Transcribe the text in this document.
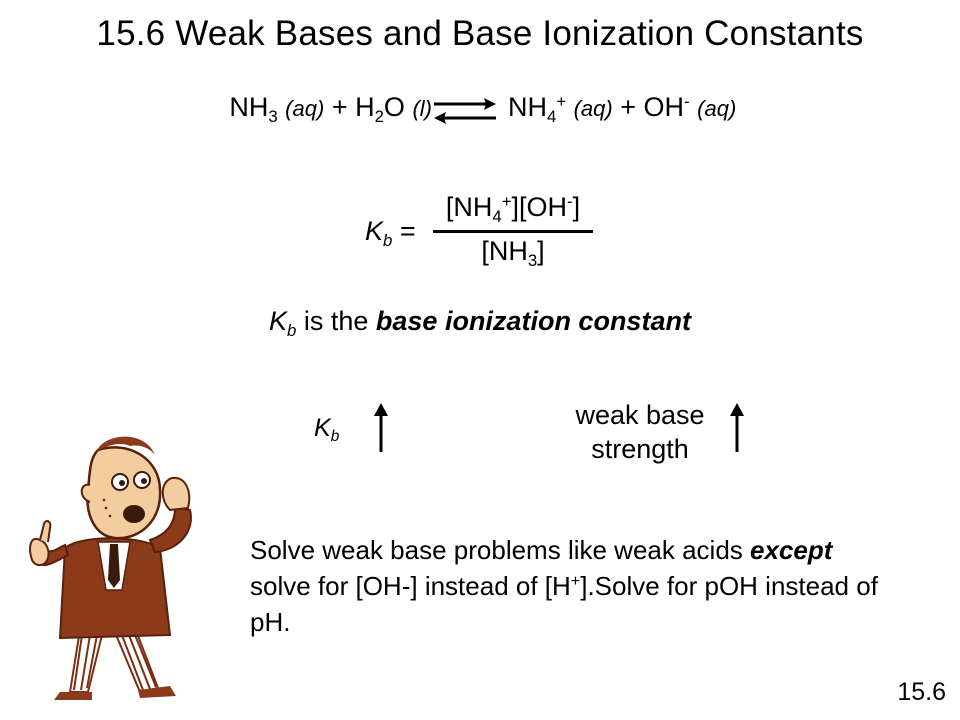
15.6 Weak Bases and Base Ionization Constants
$NH_3$ $(aq) + H_2O$ (l) ⇌ $NH_4^+$ (aq) + OH- (aq)
$K_b$ =
$[NH_4^+][OH^-]$
$[NH_3]$
$K_b$ is the base ionization constant
$K_b$
weak base
strength
Solve weak base problems like weak acids except solve for [OH-] instead of [H+].Solve for pOH instead of pH.
15.6
